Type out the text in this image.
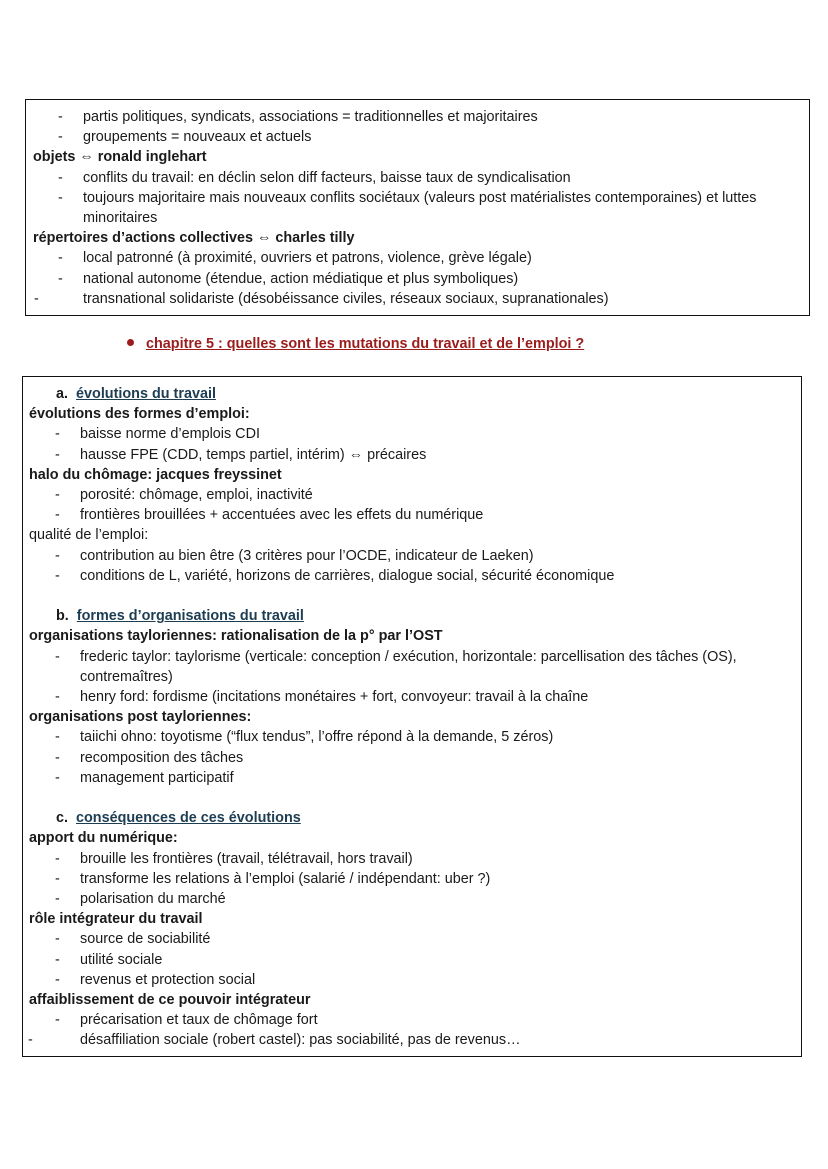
- partis politiques, syndicats, associations = traditionnelles et majoritaires
- groupements = nouveaux et actuels
objets ⇔ ronald inglehart
- conflits du travail: en déclin selon diff facteurs, baisse taux de syndicalisation
- toujours majoritaire mais nouveaux conflits sociétaux (valeurs post matérialistes contemporaines) et luttes minoritaires
répertoires d’actions collectives ⇔ charles tilly
- local patronné (à proximité, ouvriers et patrons, violence, grève légale)
- national autonome (étendue, action médiatique et plus symboliques)
-	transnational solidariste (désobéissance civiles, réseaux sociaux, supranationales)
chapitre 5 : quelles sont les mutations du travail et de l’emploi ?
a. évolutions du travail
évolutions des formes d’emploi:
- baisse norme d’emplois CDI
- hausse FPE (CDD, temps partiel, intérim) ⇔ précaires
halo du chômage: jacques freyssinet
- porosité: chômage, emploi, inactivité
- frontières brouillées + accentuées avec les effets du numérique
qualité de l’emploi:
- contribution au bien être (3 critères pour l’OCDE, indicateur de Laeken)
- conditions de L, variété, horizons de carrières, dialogue social, sécurité économique
b. formes d’organisations du travail
organisations tayloriennes: rationalisation de la p° par l’OST
- frederic taylor: taylorisme (verticale: conception / exécution, horizontale: parcellisation des tâches (OS), contremaîtres)
- henry ford: fordisme (incitations monétaires + fort, convoyeur: travail à la chaîne
organisations post tayloriennes:
- taiichi ohno: toyotisme (“flux tendus”, l’offre répond à la demande, 5 zéros)
- recomposition des tâches
- management participatif
c. conséquences de ces évolutions
apport du numérique:
- brouille les frontières (travail, télétravail, hors travail)
- transforme les relations à l’emploi (salarié / indépendant: uber ?)
- polarisation du marché
rôle intégrateur du travail
- source de sociabilité
- utilité sociale
- revenus et protection social
affaiblissement de ce pouvoir intégrateur
- précarisation et taux de chômage fort
-	désaffiliation sociale (robert castel): pas sociabilité, pas de revenus…
